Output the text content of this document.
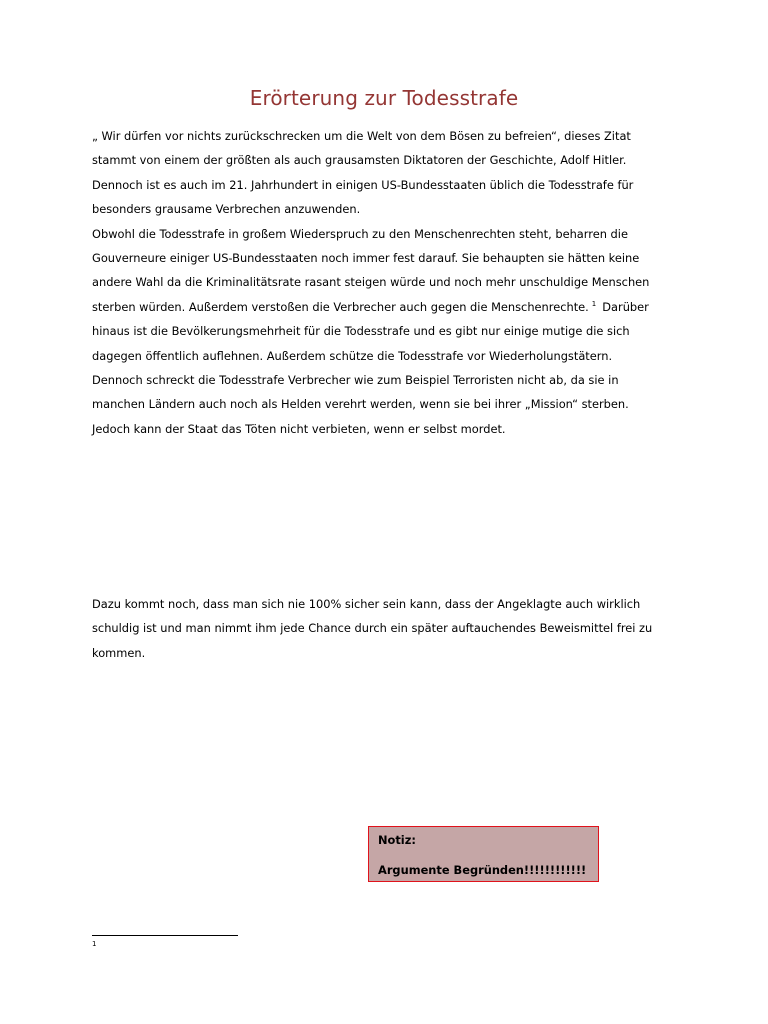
Erörterung zur Todesstrafe
„ Wir dürfen vor nichts zurückschrecken um die Welt von dem Bösen zu befreien“, dieses Zitat
stammt von einem der größten als auch grausamsten Diktatoren der Geschichte, Adolf Hitler.
Dennoch ist es auch im 21. Jahrhundert in einigen US-Bundesstaaten üblich die Todesstrafe für
besonders grausame Verbrechen anzuwenden.
Obwohl die Todesstrafe in großem Wiederspruch zu den Menschenrechten steht, beharren die
Gouverneure einiger US-Bundesstaaten noch immer fest darauf. Sie behaupten sie hätten keine
andere Wahl da die Kriminalitätsrate rasant steigen würde und noch mehr unschuldige Menschen
sterben würden. Außerdem verstoßen die Verbrecher auch gegen die Menschenrechte. $^1$ Darüber
hinaus ist die Bevölkerungsmehrheit für die Todesstrafe und es gibt nur einige mutige die sich
dagegen öffentlich auflehnen. Außerdem schütze die Todesstrafe vor Wiederholungstätern.
Dennoch schreckt die Todesstrafe Verbrecher wie zum Beispiel Terroristen nicht ab, da sie in
manchen Ländern auch noch als Helden verehrt werden, wenn sie bei ihrer „Mission“ sterben.
Jedoch kann der Staat das Töten nicht verbieten, wenn er selbst mordet.
Dazu kommt noch, dass man sich nie 100% sicher sein kann, dass der Angeklagte auch wirklich
schuldig ist und man nimmt ihm jede Chance durch ein später auftauchendes Beweismittel frei zu
kommen.
Notiz:
Argumente Begründen!!!!!!!!!!!!
1
